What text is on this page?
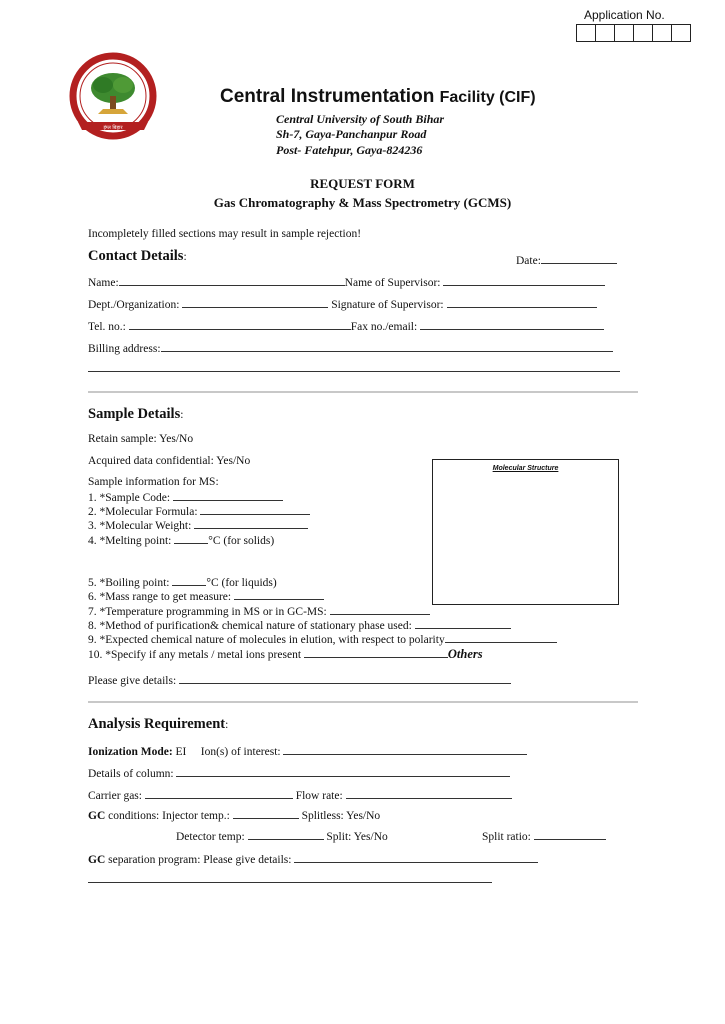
Application No.
इंग्ल बिहार
Central Instrumentation Facility (CIF)
Central University of South Bihar
Sh-7, Gaya-Panchanpur Road
Post- Fatehpur, Gaya-824236
REQUEST FORM
Gas Chromatography & Mass Spectrometry (GCMS)
Incompletely filled sections may result in sample rejection!
Contact Details:	Date:
Name:	Name of Supervisor:
Dept./Organization:	Signature of Supervisor:
Tel. no.:	Fax no./email:
Billing address:
Sample Details:
Retain sample: Yes/No
Acquired data confidential: Yes/No
Molecular Structure
Sample information for MS:
1. *Sample Code:
2. *Molecular Formula:
3. *Molecular Weight:
4. *Melting point:	°C (for solids)
5. *Boiling point:	°C (for liquids)
6. *Mass range to get measure:
7. *Temperature programming in MS or in GC-MS:
8. *Method of purification& chemical nature of stationary phase used:
9. *Expected chemical nature of molecules in elution, with respect to polarity
10. *Specify if any metals / metal ions present	Others
Please give details:
Analysis Requirement:
Ionization Mode: EI Ion(s) of interest:
Details of column:
Carrier gas:	Flow rate:
GC conditions: Injector temp.:	Splitless: Yes/No
Detector temp:	Split: Yes/No	Split ratio:
GC separation program: Please give details:
